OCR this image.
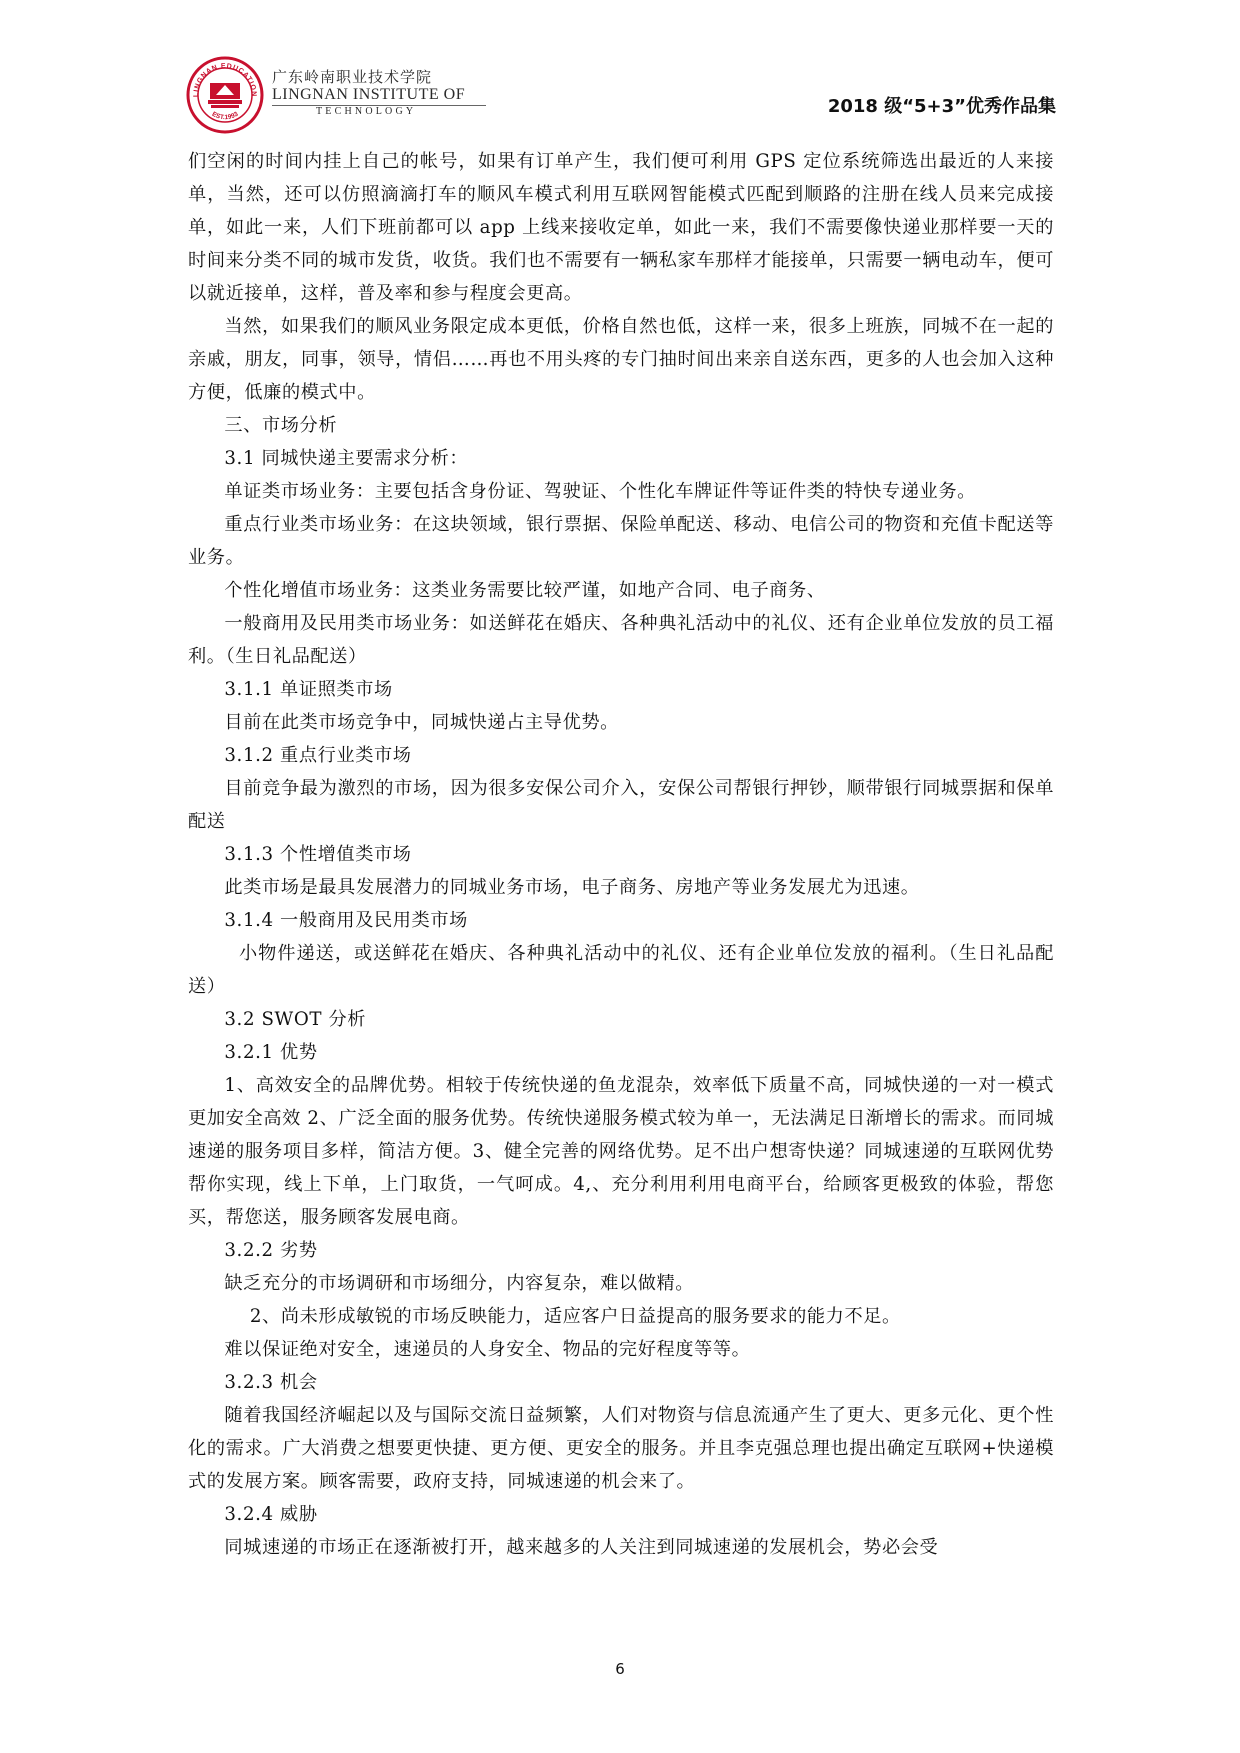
LINGNAN EDUCATION
EST.1993
广东岭南职业技术学院
LINGNAN INSTITUTE OF
TECHNOLOGY	2018 级“5+3”优秀作品集

们空闲的时间内挂上自己的帐号，如果有订单产生，我们便可利用 GPS 定位系统筛选出最近的人来接单，当然，还可以仿照滴滴打车的顺风车模式利用互联网智能模式匹配到顺路的注册在线人员来完成接单，如此一来，人们下班前都可以 app 上线来接收定单，如此一来，我们不需要像快递业那样要一天的时间来分类不同的城市发货，收货。我们也不需要有一辆私家车那样才能接单，只需要一辆电动车，便可以就近接单，这样，普及率和参与程度会更高。

当然，如果我们的顺风业务限定成本更低，价格自然也低，这样一来，很多上班族，同城不在一起的亲戚，朋友，同事，领导，情侣……再也不用头疼的专门抽时间出来亲自送东西，更多的人也会加入这种方便，低廉的模式中。

三、市场分析

3.1 同城快递主要需求分析：

单证类市场业务：主要包括含身份证、驾驶证、个性化车牌证件等证件类的特快专递业务。

重点行业类市场业务：在这块领域，银行票据、保险单配送、移动、电信公司的物资和充值卡配送等业务。

个性化增值市场业务：这类业务需要比较严谨，如地产合同、电子商务、

一般商用及民用类市场业务：如送鲜花在婚庆、各种典礼活动中的礼仪、还有企业单位发放的员工福利。（生日礼品配送）

3.1.1 单证照类市场

目前在此类市场竞争中，同城快递占主导优势。

3.1.2 重点行业类市场

目前竞争最为激烈的市场，因为很多安保公司介入，安保公司帮银行押钞，顺带银行同城票据和保单配送

3.1.3 个性增值类市场

此类市场是最具发展潜力的同城业务市场，电子商务、房地产等业务发展尤为迅速。

3.1.4 一般商用及民用类市场

小物件递送，或送鲜花在婚庆、各种典礼活动中的礼仪、还有企业单位发放的福利。（生日礼品配送）

3.2 SWOT 分析

3.2.1 优势

1、高效安全的品牌优势。相较于传统快递的鱼龙混杂，效率低下质量不高，同城快递的一对一模式更加安全高效 2、广泛全面的服务优势。传统快递服务模式较为单一，无法满足日渐增长的需求。而同城速递的服务项目多样，简洁方便。3、健全完善的网络优势。足不出户想寄快递？同城速递的互联网优势帮你实现，线上下单，上门取货，一气呵成。4,、充分利用利用电商平台，给顾客更极致的体验，帮您买，帮您送，服务顾客发展电商。

3.2.2 劣势

缺乏充分的市场调研和市场细分，内容复杂，难以做精。

2、尚未形成敏锐的市场反映能力，适应客户日益提高的服务要求的能力不足。

难以保证绝对安全，速递员的人身安全、物品的完好程度等等。

3.2.3 机会

随着我国经济崛起以及与国际交流日益频繁，人们对物资与信息流通产生了更大、更多元化、更个性化的需求。广大消费之想要更快捷、更方便、更安全的服务。并且李克强总理也提出确定互联网+快递模式的发展方案。顾客需要，政府支持，同城速递的机会来了。

3.2.4 威胁

同城速递的市场正在逐渐被打开，越来越多的人关注到同城速递的发展机会，势必会受

6
